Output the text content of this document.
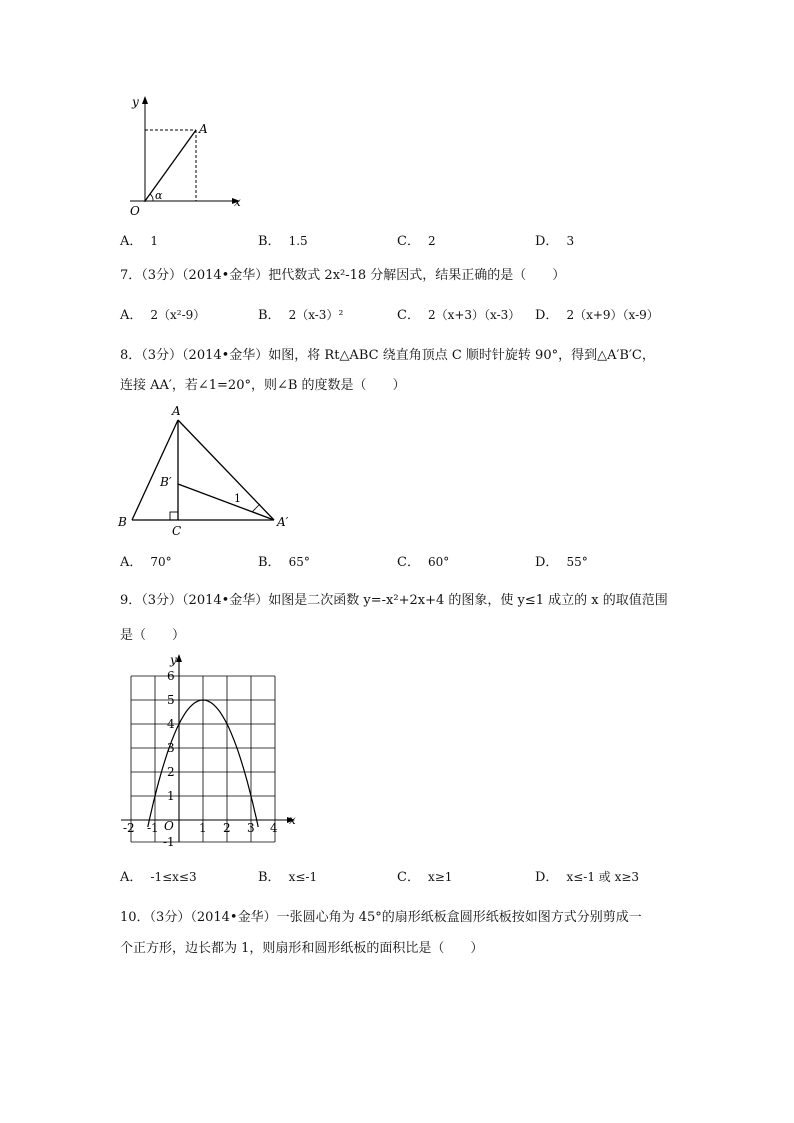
y
x
A
O
α
A． 1	B． 1.5	C． 2	D． 3
7．（3分）（2014•金华）把代数式 2x²-18 分解因式，结果正确的是（　　）
A． 2（x²-9）	B． 2（x-3）²	C． 2（x+3）（x-3） D． 2（x+9）（x-9）
8．（3分）（2014•金华）如图，将 Rt△ABC 绕直角顶点 C 顺时针旋转 90°，得到△A′B′C，
连接 AA′，若∠1=20°，则∠B 的度数是（　　）
A
B
C
B′
A′
1
A． 70°	B． 65°	C． 60°	D． 55°
9．（3分）（2014•金华）如图是二次函数 y=-x²+2x+4 的图象，使 y≤1 成立的 x 的取值范围
是（　　）
y
x
O
-2 -1	1 2 3 4
6
5
4
3
2
1
-1
A． -1≤x≤3	B． x≤-1	C． x≥1	D． x≤-1 或 x≥3
10．（3分）（2014•金华）一张圆心角为 45°的扇形纸板盒圆形纸板按如图方式分别剪成一
个正方形，边长都为 1，则扇形和圆形纸板的面积比是（　　）
